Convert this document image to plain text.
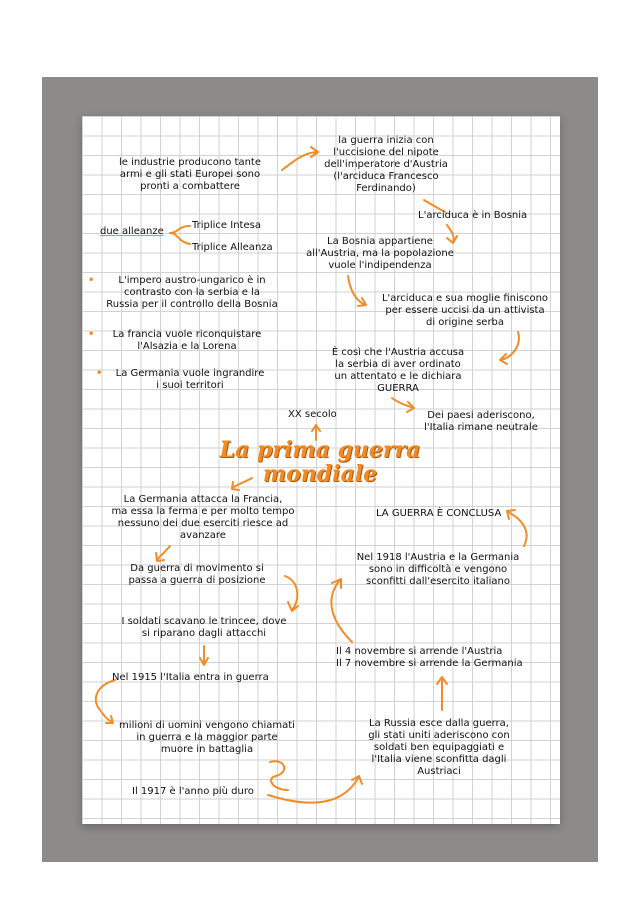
le industrie producono tante
armi e gli stati Europei sono
pronti a combattere
due alleanze
Triplice Intesa
Triplice Alleanza
•	L'impero austro-ungarico è in
contrasto con la serbia e la
Russia per il controllo della Bosnia
•	La francia vuole riconquistare
l'Alsazia e la Lorena
•	La Germania vuole ingrandire
i suoi territori
la guerra inizia con
l'uccisione del nipote
dell'imperatore d'Austria
(l'arciduca Francesco
Ferdinando)
L'arciduca è in Bosnia
La Bosnia appartiene
all'Austria, ma la popolazione
vuole l'indipendenza
L'arciduca e sua moglie finiscono
per essere uccisi da un attivista
di origine serba
È così che l'Austria accusa
la serbia di aver ordinato
un attentato e le dichiara
GUERRA
Dei paesi aderiscono,
l'Italia rimane neutrale
XX secolo
La prima guerra
mondiale
La Germania attacca la Francia,
ma essa la ferma e per molto tempo
nessuno dei due eserciti riesce ad
avanzare
Da guerra di movimento si
passa a guerra di posizione
I soldati scavano le trincee, dove
si riparano dagli attacchi
Nel 1915 l'Italia entra in guerra
milioni di uomini vengono chiamati
in guerra e la maggior parte
muore in battaglia
Il 1917 è l'anno più duro
LA GUERRA È CONCLUSA
Nel 1918 l'Austria e la Germania
sono in difficoltà e vengono
sconfitti dall'esercito italiano
Il 4 novembre si arrende l'Austria
Il 7 novembre si arrende la Germania
La Russia esce dalla guerra,
gli stati uniti aderiscono con
soldati ben equipaggiati e
l'Italia viene sconfitta dagli
Austriaci
